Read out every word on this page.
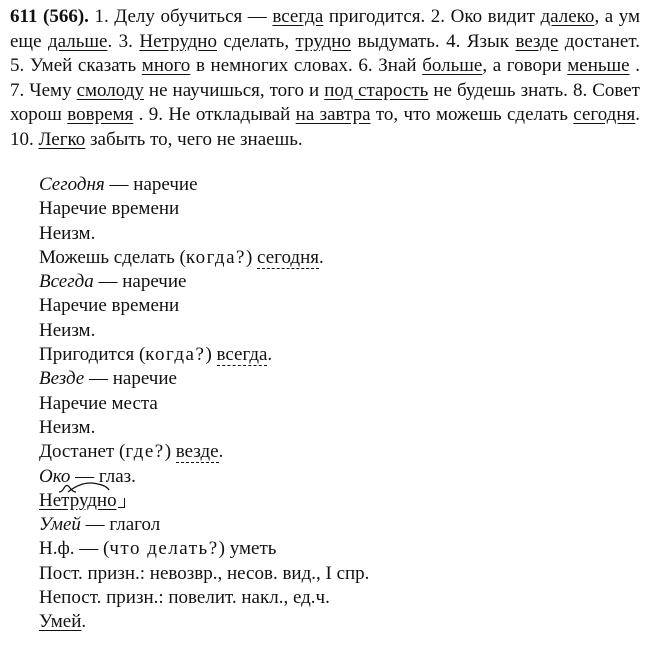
611 (566). 1. Делу обучиться — всегда пригодится. 2. Око видит далеко, а ум еще дальше. 3. Нетрудно сделать, трудно выдумать. 4. Язык везде достанет. 5. Умей сказать много в немногих словах. 6. Знай больше, а говори меньше . 7. Чему смолоду не научишься, того и под старость не будешь знать. 8. Совет хорош вовремя . 9. Не откладывай на завтра то, что можешь сделать сегодня. 10. Легко забыть то, чего не знаешь.

Сегодня — наречие
Наречие времени
Неизм.
Можешь сделать (когда?) сегодня.
Всегда — наречие
Наречие времени
Неизм.
Пригодится (когда?) всегда.
Везде — наречие
Наречие места
Неизм.
Достанет (где?) везде.
Око — глаз.
Нетрудно
Умей — глагол
Н.ф. — (что делать?) уметь
Пост. призн.: невозвр., несов. вид., I спр.
Непост. призн.: повелит. накл., ед.ч.
Умей.
